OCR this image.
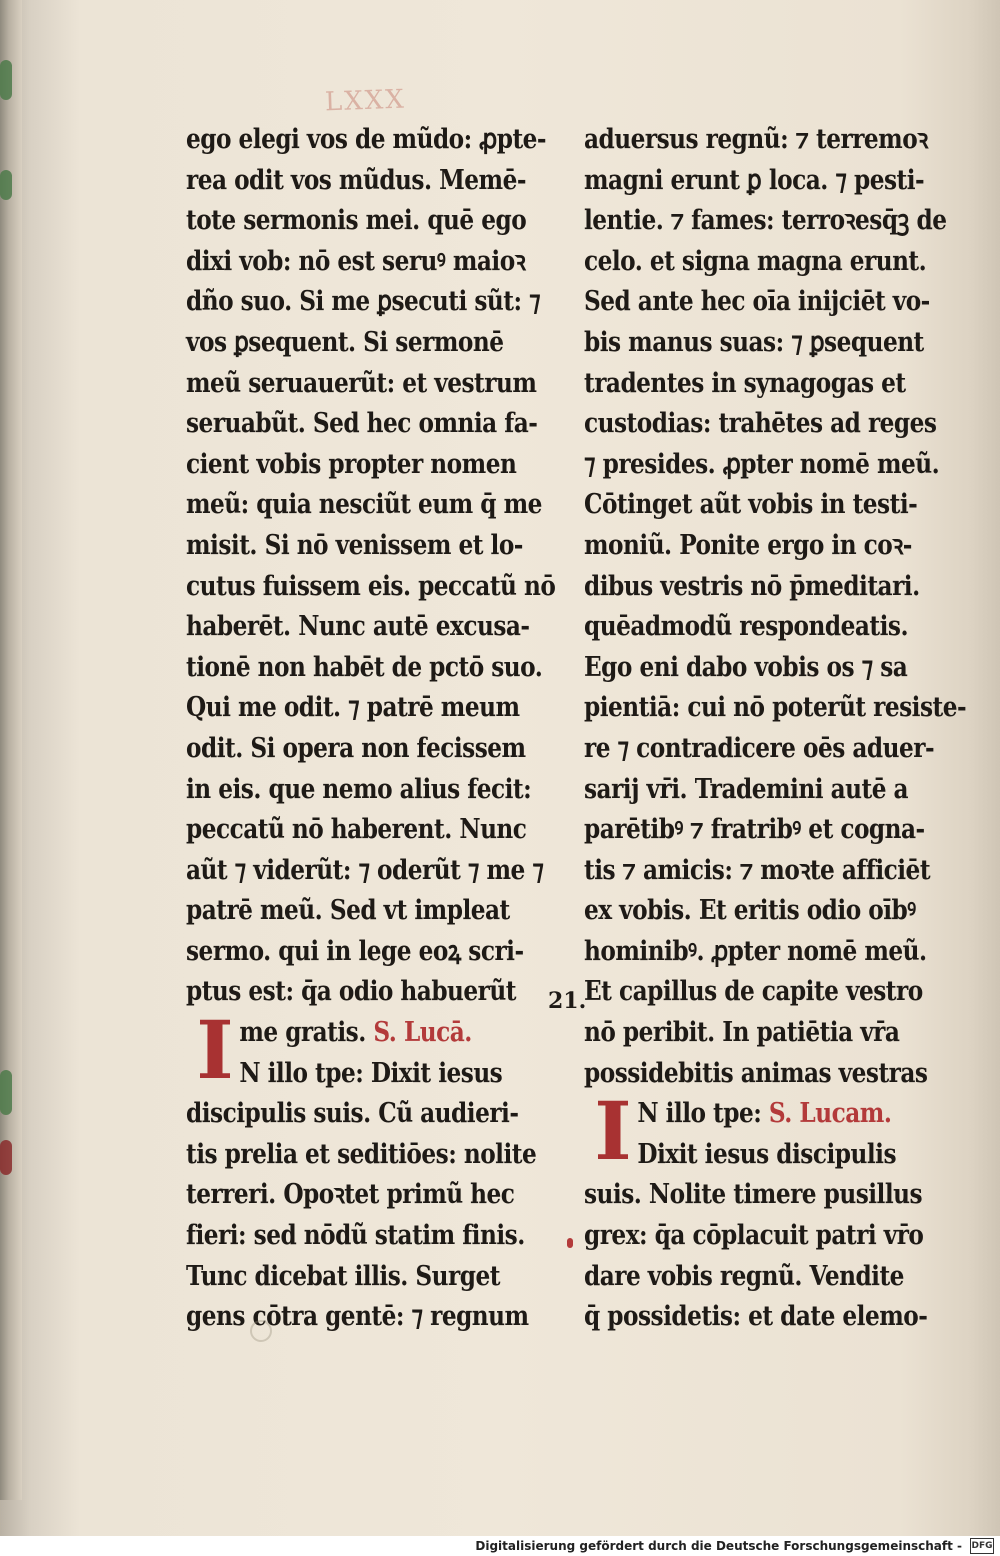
LXXX
ego elegi vos de mũdo: ꝓpte-
rea odit vos mũdus. Memē-
tote sermonis mei. quē ego
dixi vob: nō est seruꝰ maioꝛ
dño suo. Si me ꝑsecuti sũt: ⁊
vos ꝑsequent. Si sermonē
meũ seruauerũt: et vestrum
seruabũt. Sed hec omnia fa-
cient vobis propter nomen
meũ: quia nesciũt eum q̄ me
misit. Si nō venissem et lo-
cutus fuissem eis. peccatũ nō
haberēt. Nunc autē excusa-
tionē non habēt de pctō suo.
Qui me odit. ⁊ patrē meum
odit. Si opera non fecissem
in eis. que nemo alius fecit:
peccatũ nō haberent. Nunc
aũt ⁊ viderũt: ⁊ oderũt ⁊ me ⁊
patrē meũ. Sed vt impleat
sermo. qui in lege eoꝝ scri-
ptus est: q̄a odio habuerũt
I me gratis. S. Lucā.
N illo tpe: Dixit iesus
discipulis suis. Cũ audieri-
tis prelia et seditiōes: nolite
terreri. Opoꝛtet primũ hec
fieri: sed nōdũ statim finis.
Tunc dicebat illis. Surget
gens cōtra gentē: ⁊ regnum
21.
aduersus regnũ: ⁊ terremoꝛ
magni erunt ꝑ loca. ⁊ pesti-
lentie. ⁊ fames: terroꝛesq̄ꝫ de
celo. et signa magna erunt.
Sed ante hec oīa inijciēt vo-
bis manus suas: ⁊ ꝑsequent
tradentes in synagogas et
custodias: trahētes ad reges
⁊ presides. ꝓpter nomē meũ.
Cōtinget aũt vobis in testi-
moniũ. Ponite ergo in coꝛ-
dibus vestris nō p̄meditari.
quēadmodũ respondeatis.
Ego eni dabo vobis os ⁊ sa
pientiā: cui nō poterũt resiste-
re ⁊ contradicere oēs aduer-
sarij vr̄i. Trademini autē a
parētibꝰ ⁊ fratribꝰ et cogna-
tis ⁊ amicis: ⁊ moꝛte afficiēt
ex vobis. Et eritis odio oībꝰ
hominibꝰ. ꝓpter nomē meũ.
Et capillus de capite vestro
nō peribit. In patiētia vr̄a
possidebitis animas vestras
I N illo tpe: S. Lucam.
Dixit iesus discipulis
suis. Nolite timere pusillus
grex: q̄a cōplacuit patri vr̄o
dare vobis regnũ. Vendite
q̄ possidetis: et date elemo-
Digitalisierung gefördert durch die Deutsche Forschungsgemeinschaft - DFG
